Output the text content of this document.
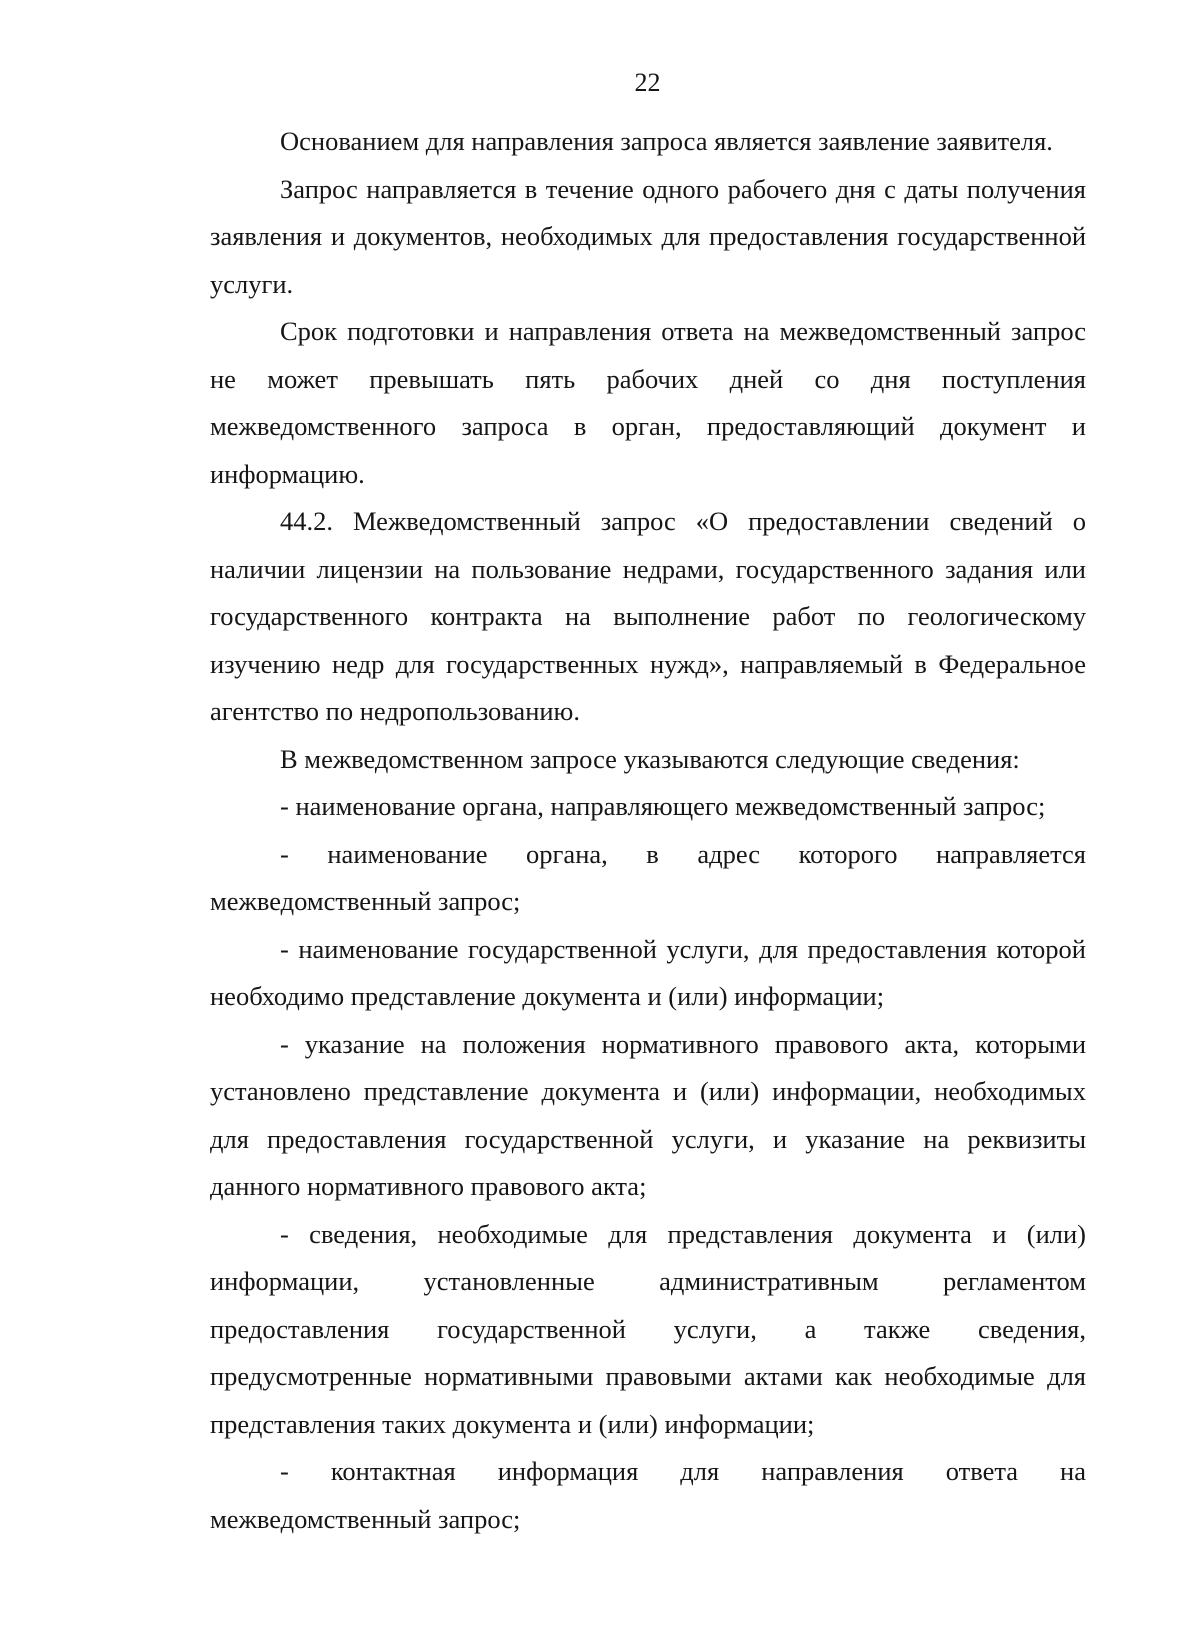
22

Основанием для направления запроса является заявление заявителя.

Запрос направляется в течение одного рабочего дня с даты получения заявления и документов, необходимых для предоставления государственной услуги.

Срок подготовки и направления ответа на межведомственный запрос не может превышать пять рабочих дней со дня поступления межведомственного запроса в орган, предоставляющий документ и информацию.

44.2. Межведомственный запрос «О предоставлении сведений о наличии лицензии на пользование недрами, государственного задания или государственного контракта на выполнение работ по геологическому изучению недр для государственных нужд», направляемый в Федеральное агентство по недропользованию.

В межведомственном запросе указываются следующие сведения:

- наименование органа, направляющего межведомственный запрос;

- наименование органа, в адрес которого направляется межведомственный запрос;

- наименование государственной услуги, для предоставления которой необходимо представление документа и (или) информации;

- указание на положения нормативного правового акта, которыми установлено представление документа и (или) информации, необходимых для предоставления государственной услуги, и указание на реквизиты данного нормативного правового акта;

- сведения, необходимые для представления документа и (или) информации, установленные административным регламентом предоставления государственной услуги, а также сведения, предусмотренные нормативными правовыми актами как необходимые для представления таких документа и (или) информации;

- контактная информация для направления ответа на межведомственный запрос;
